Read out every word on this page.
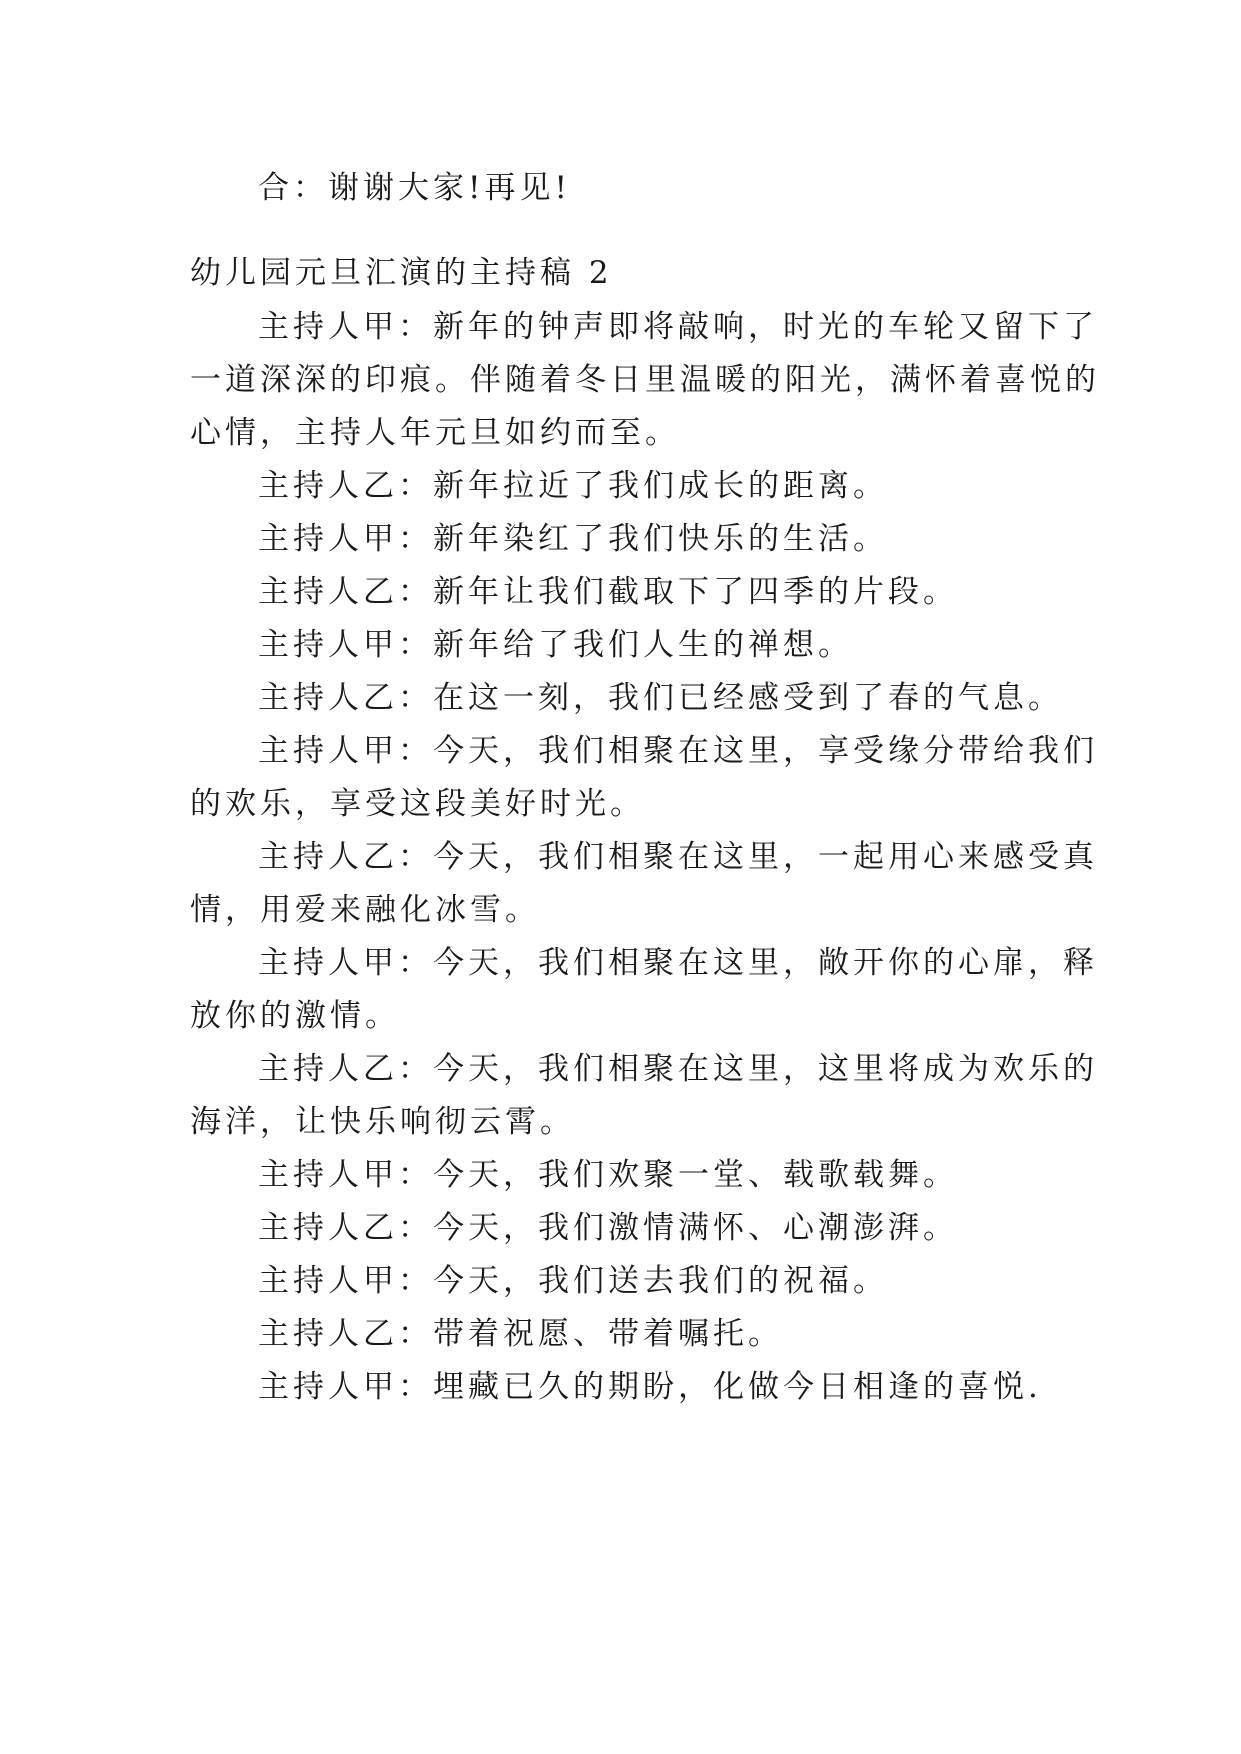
合：谢谢大家!再见!
幼儿园元旦汇演的主持稿 2
主持人甲：新年的钟声即将敲响，时光的车轮又留下了
一道深深的印痕。伴随着冬日里温暖的阳光，满怀着喜悦的
心情，主持人年元旦如约而至。
主持人乙：新年拉近了我们成长的距离。
主持人甲：新年染红了我们快乐的生活。
主持人乙：新年让我们截取下了四季的片段。
主持人甲：新年给了我们人生的禅想。
主持人乙：在这一刻，我们已经感受到了春的气息。
主持人甲：今天，我们相聚在这里，享受缘分带给我们
的欢乐，享受这段美好时光。
主持人乙：今天，我们相聚在这里，一起用心来感受真
情，用爱来融化冰雪。
主持人甲：今天，我们相聚在这里，敞开你的心扉，释
放你的激情。
主持人乙：今天，我们相聚在这里，这里将成为欢乐的
海洋，让快乐响彻云霄。
主持人甲：今天，我们欢聚一堂、载歌载舞。
主持人乙：今天，我们激情满怀、心潮澎湃。
主持人甲：今天，我们送去我们的祝福。
主持人乙：带着祝愿、带着嘱托。
主持人甲：埋藏已久的期盼，化做今日相逢的喜悦.
